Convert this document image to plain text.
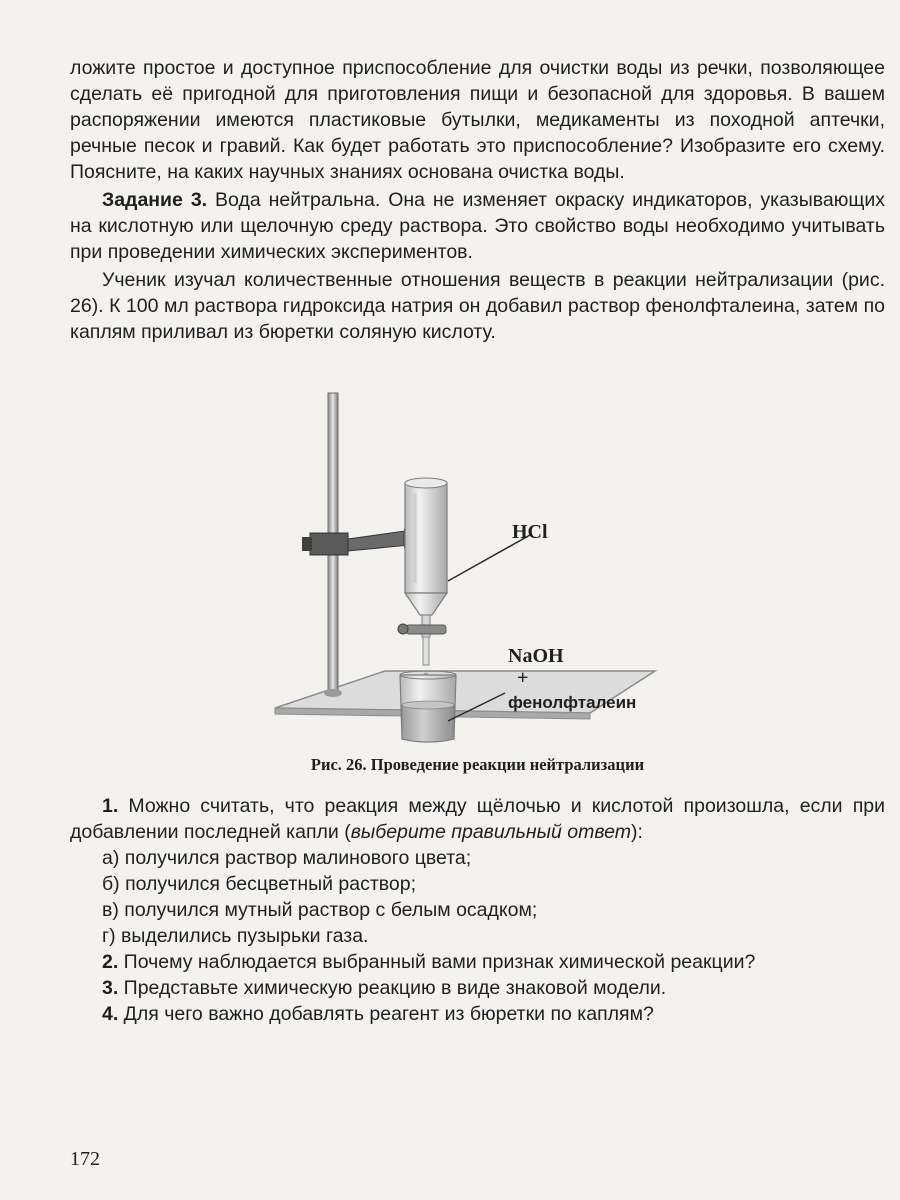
ложите простое и доступное приспособление для очистки воды из речки, позволяющее сделать её пригодной для приготовления пищи и безопасной для здоровья. В вашем распоряжении имеются пластиковые бутылки, медикаменты из походной аптечки, речные песок и гравий. Как будет работать это приспособление? Изобразите его схему. Поясните, на каких научных знаниях основана очистка воды.

Задание 3. Вода нейтральна. Она не изменяет окраску индикаторов, указывающих на кислотную или щелочную среду раствора. Это свойство воды необходимо учитывать при проведении химических экспериментов.

Ученик изучал количественные отношения веществ в реакции нейтрализации (рис. 26). К 100 мл раствора гидроксида натрия он добавил раствор фенолфталеина, затем по каплям приливал из бюретки соляную кислоту.

HCl
NaOH
+
фенолфталеин
Рис. 26. Проведение реакции нейтрализации

1. Можно считать, что реакция между щёлочью и кислотой произошла, если при добавлении последней капли (выберите правильный ответ):

а) получился раствор малинового цвета;
б) получился бесцветный раствор;
в) получился мутный раствор с белым осадком;
г) выделились пузырьки газа.

2. Почему наблюдается выбранный вами признак химической реакции?

3. Представьте химическую реакцию в виде знаковой модели.

4. Для чего важно добавлять реагент из бюретки по каплям?

172
